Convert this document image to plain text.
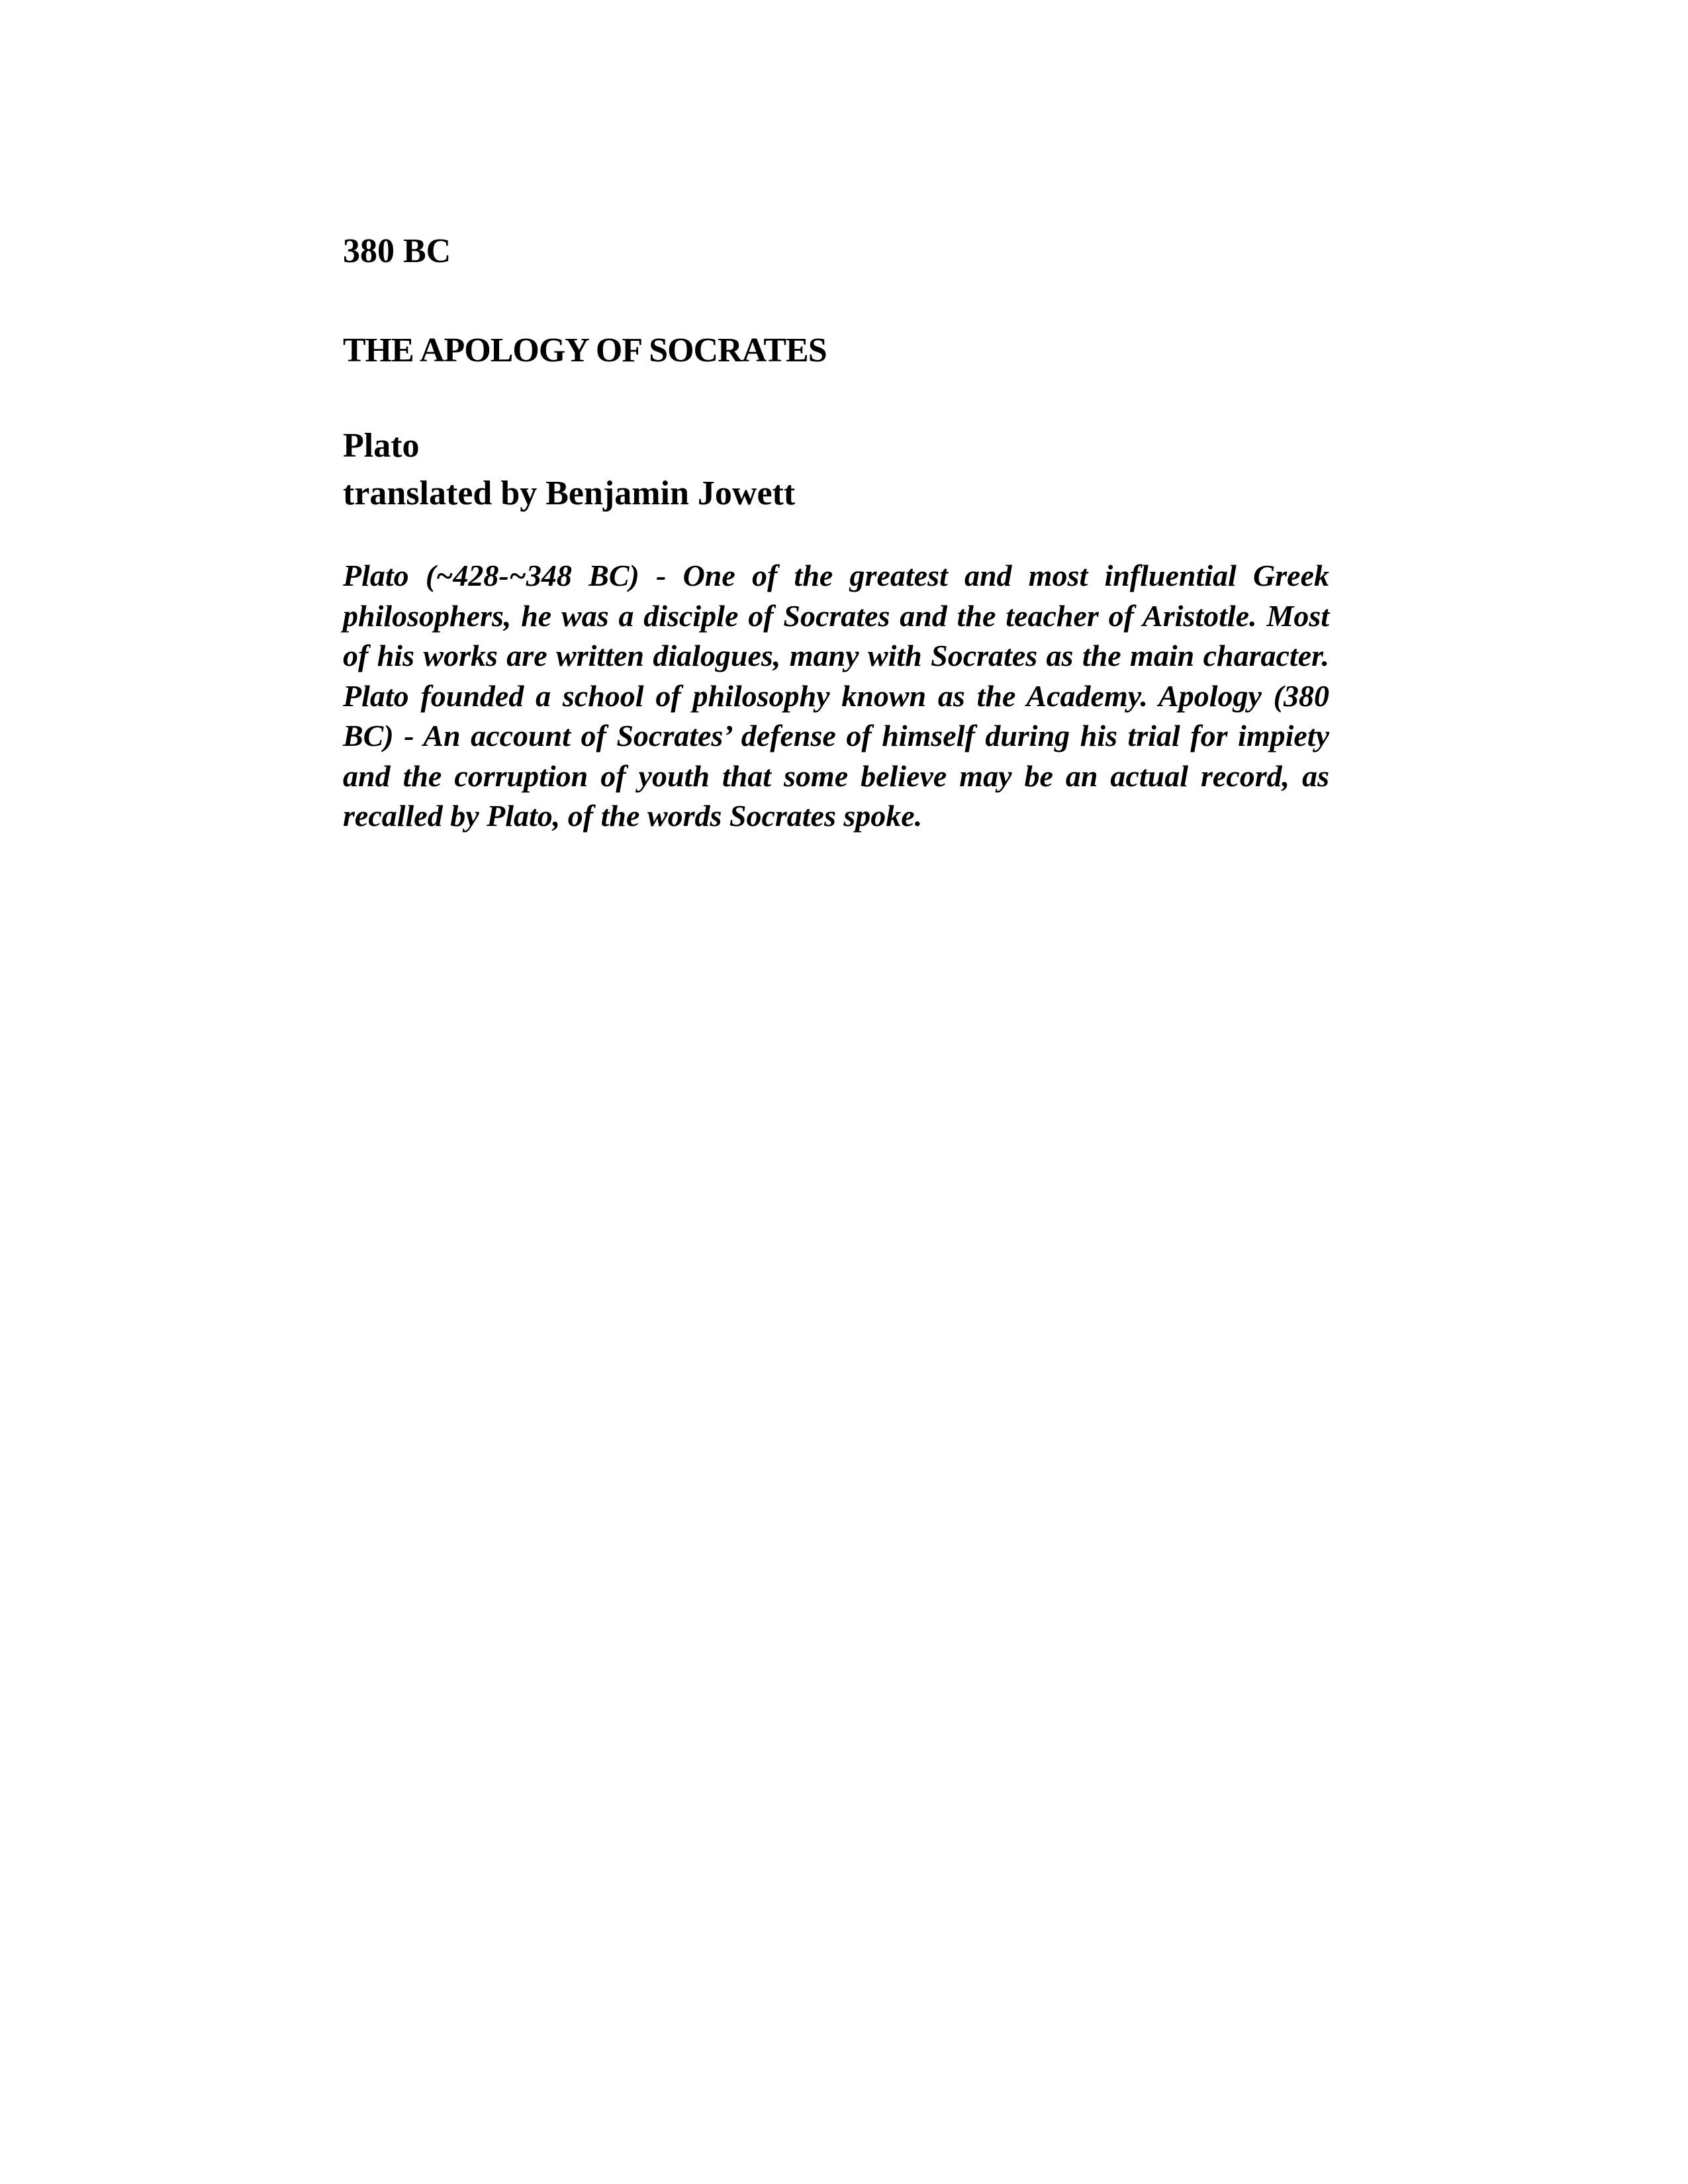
380 BC
THE APOLOGY OF SOCRATES
Plato
translated by Benjamin Jowett

Plato (~428-~348 BC) - One of the greatest and most influential Greek philosophers, he was a disciple of Socrates and the teacher of Aristotle. Most of his works are written dialogues, many with Socrates as the main character. Plato founded a school of philosophy known as the Academy. Apology (380 BC) - An account of Socrates’ defense of himself during his trial for impiety and the corruption of youth that some believe may be an actual record, as recalled by Plato, of the words Socrates spoke.
